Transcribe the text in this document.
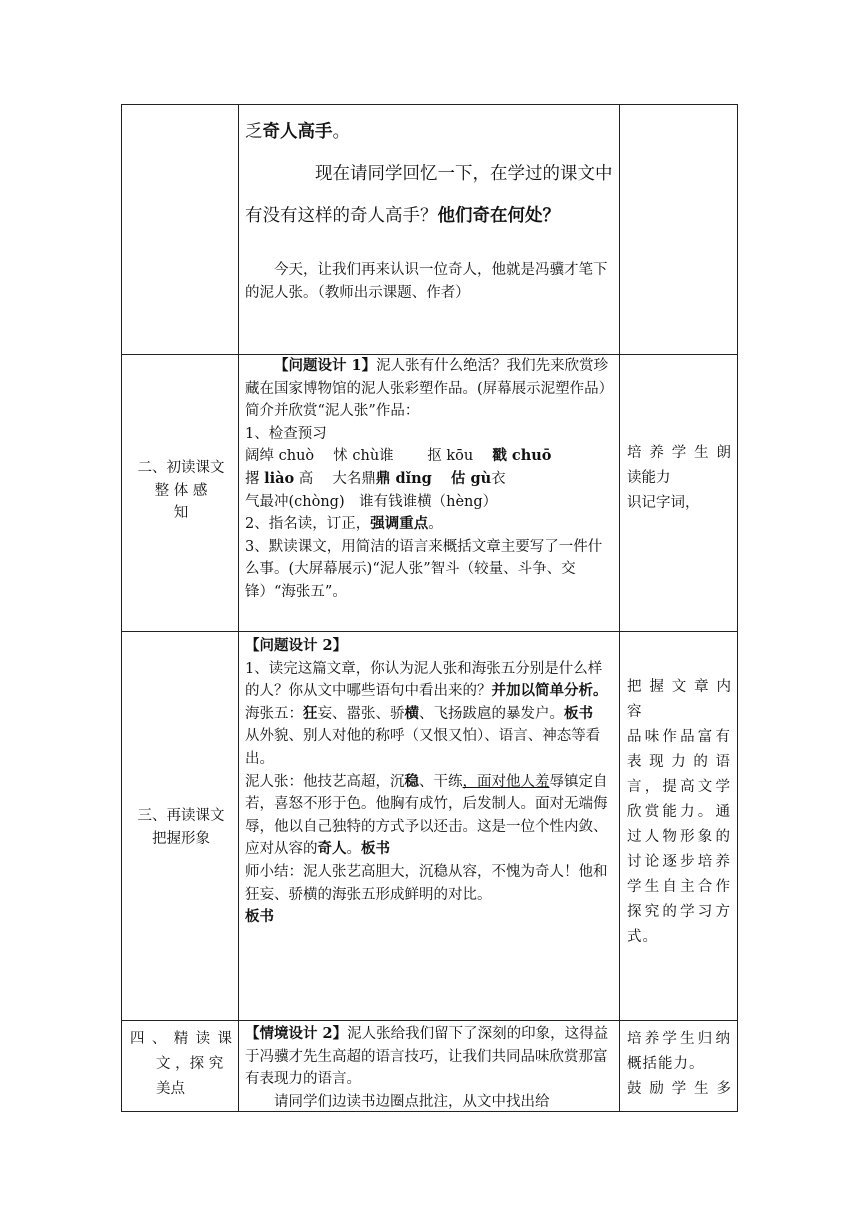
乏奇人高手。

现在请同学回忆一下，在学过的课文中有没有这样的奇人高手？他们奇在何处？

今天，让我们再来认识一位奇人，他就是冯骥才笔下的泥人张。（教师出示课题、作者）

二、初读课文

整 体 感

知

【问题设计 1】泥人张有什么绝活？我们先来欣赏珍藏在国家博物馆的泥人张彩塑作品。(屏幕展示泥塑作品）简介并欣赏“泥人张”作品：

1、检查预习

阔绰 chuò　 怵 chù谁　　 抠 kōu　 戳 chuō

撂 liào 高　 大名鼎鼎 dǐng　 估 gù衣

气最冲(chòng)　谁有钱谁横（hèng）

2、指名读，订正，强调重点。

3、默读课文，用简洁的语言来概括文章主要写了一件什么事。(大屏幕展示)“泥人张”智斗（较量、斗争、交锋）“海张五”。

培养学生朗

读能力

识记字词，

三、再读课文

把握形象

【问题设计 2】

1、读完这篇文章，你认为泥人张和海张五分别是什么样的人？你从文中哪些语句中看出来的？并加以简单分析。

海张五：狂妄、嚣张、骄横、飞扬跋扈的暴发户。板书

从外貌、别人对他的称呼（又恨又怕）、语言、神态等看出。

泥人张：他技艺高超，沉稳、干练，面对他人羞辱镇定自若，喜怒不形于色。他胸有成竹，后发制人。面对无端侮辱，他以自己独特的方式予以还击。这是一位个性内敛、应对从容的奇人。板书

师小结：泥人张艺高胆大，沉稳从容，不愧为奇人！他和狂妄、骄横的海张五形成鲜明的对比。

板书

把 握 文 章 内

容

品味作品富有表现力的语言，提高文学欣赏能力。通过人物形象的讨论逐步培养学生自主合作探究的学习方式。

四 、 精 读 课

文 ，探 究

美点

【情境设计 2】泥人张给我们留下了深刻的印象，这得益于冯骥才先生高超的语言技巧，让我们共同品味欣赏那富有表现力的语言。

请同学们边读书边圈点批注，从文中找出给

培养学生归纳概括能力。

鼓励学生多
